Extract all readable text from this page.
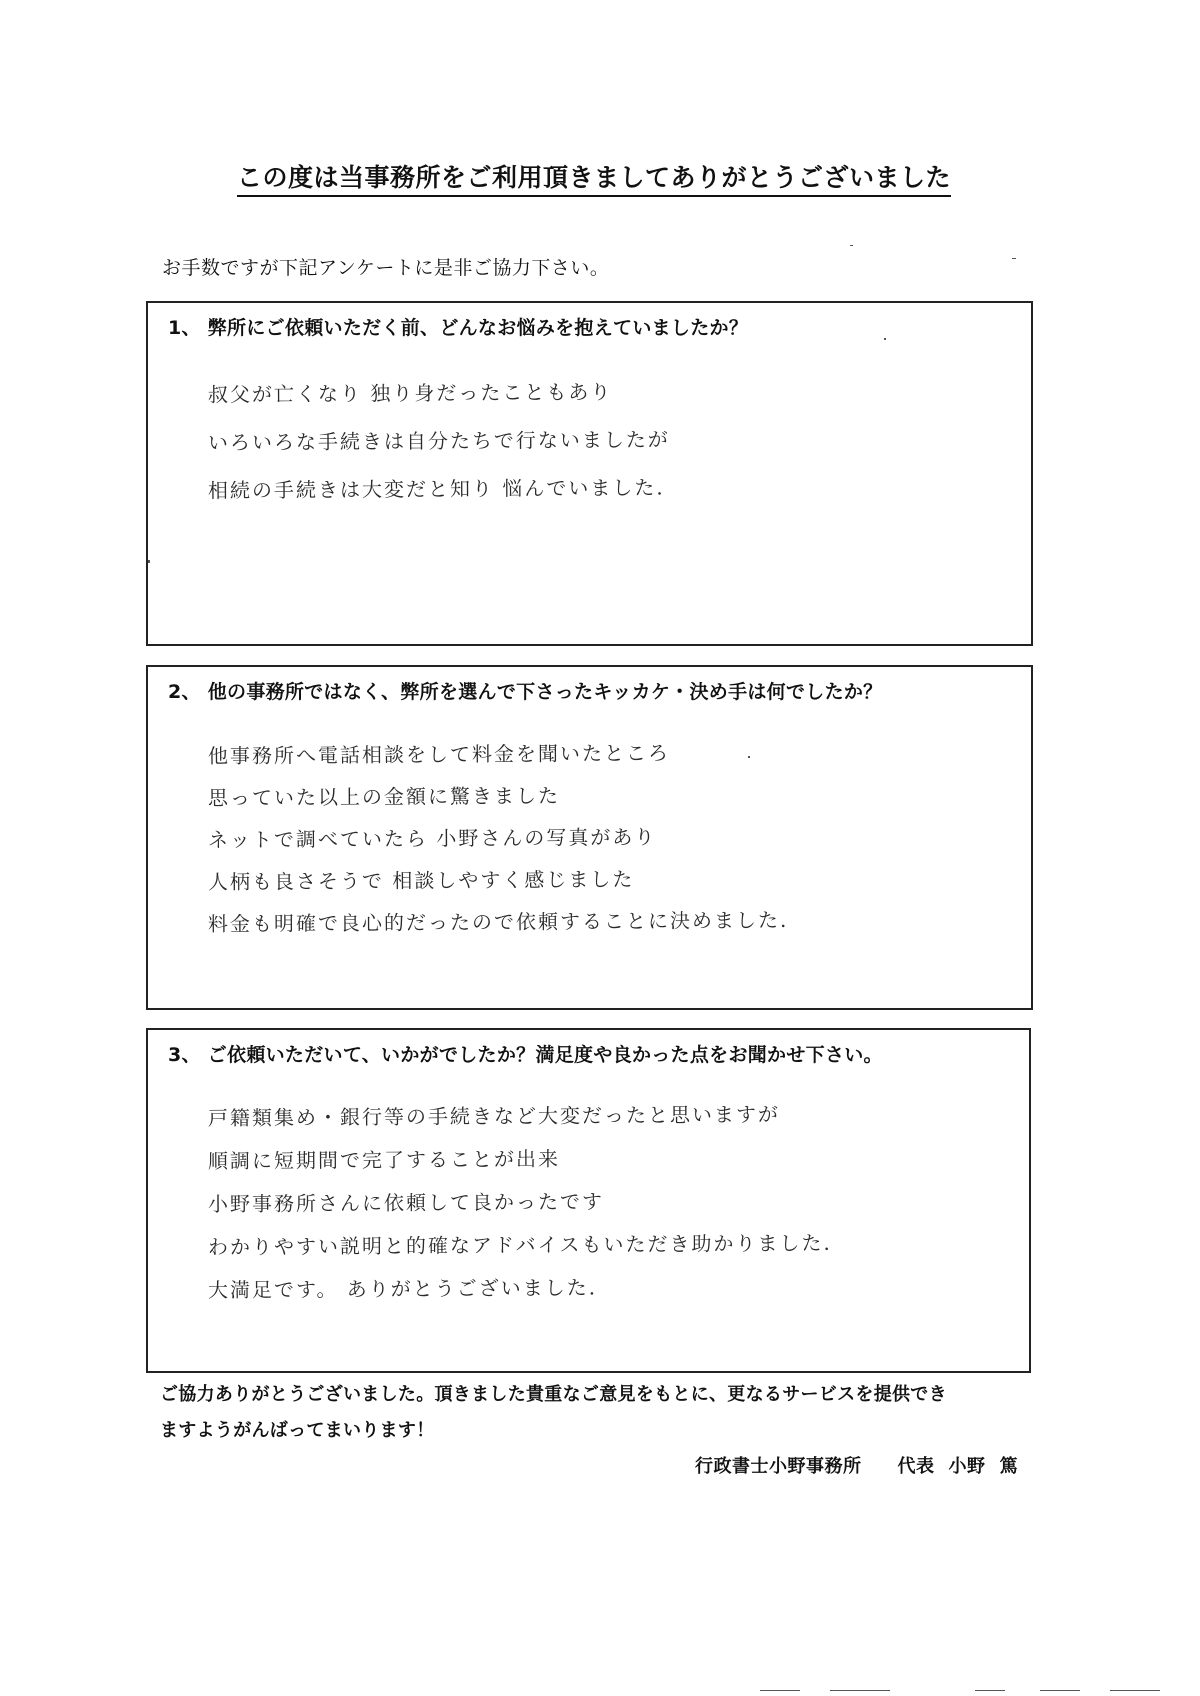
この度は当事務所をご利用頂きましてありがとうございました
お手数ですが下記アンケートに是非ご協力下さい。
1、 弊所にご依頼いただく前、どんなお悩みを抱えていましたか？
叔父が亡くなり 独り身だったこともあり
いろいろな手続きは自分たちで行ないましたが
相続の手続きは大変だと知り 悩んでいました.
2、 他の事務所ではなく、弊所を選んで下さったキッカケ・決め手は何でしたか？
他事務所へ電話相談をして料金を聞いたところ
思っていた以上の金額に驚きました
ネットで調べていたら 小野さんの写真があり
人柄も良さそうで 相談しやすく感じました
料金も明確で良心的だったので依頼することに決めました.
3、 ご依頼いただいて、いかがでしたか？満足度や良かった点をお聞かせ下さい。
戸籍類集め・銀行等の手続きなど大変だったと思いますが
順調に短期間で完了することが出来
小野事務所さんに依頼して良かったです
わかりやすい説明と的確なアドバイスもいただき助かりました.
大満足です。 ありがとうございました.
ご協力ありがとうございました。頂きました貴重なご意見をもとに、更なるサービスを提供でき
ますようがんばってまいります！
行政書士小野事務所 代表 小野 篤
